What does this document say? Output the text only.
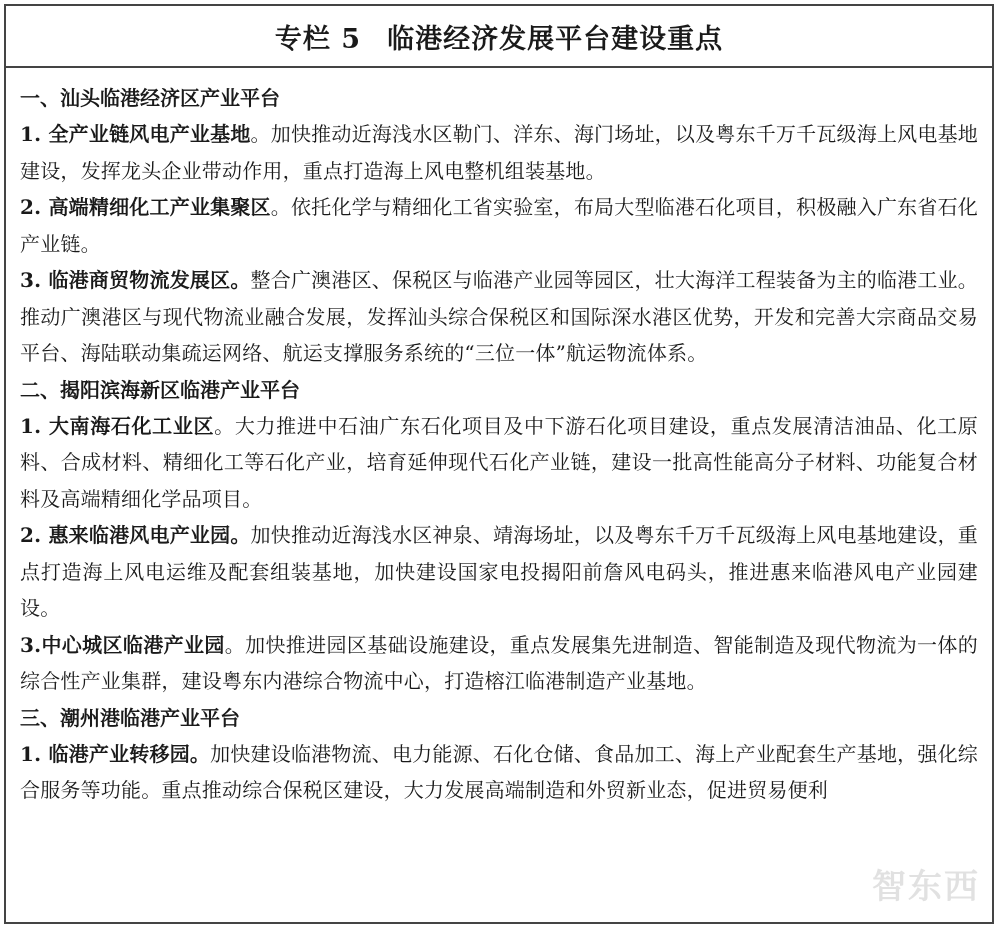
专栏 5 临港经济发展平台建设重点
一、汕头临港经济区产业平台
1. 全产业链风电产业基地。加快推动近海浅水区勒门、洋东、海门场址，以及粤东千万千瓦级海上风电基地建设，发挥龙头企业带动作用，重点打造海上风电整机组装基地。
2. 高端精细化工产业集聚区。依托化学与精细化工省实验室，布局大型临港石化项目，积极融入广东省石化产业链。
3. 临港商贸物流发展区。整合广澳港区、保税区与临港产业园等园区，壮大海洋工程装备为主的临港工业。推动广澳港区与现代物流业融合发展，发挥汕头综合保税区和国际深水港区优势，开发和完善大宗商品交易平台、海陆联动集疏运网络、航运支撑服务系统的“三位一体”航运物流体系。
二、揭阳滨海新区临港产业平台
1. 大南海石化工业区。大力推进中石油广东石化项目及中下游石化项目建设，重点发展清洁油品、化工原料、合成材料、精细化工等石化产业，培育延伸现代石化产业链，建设一批高性能高分子材料、功能复合材料及高端精细化学品项目。
2. 惠来临港风电产业园。加快推动近海浅水区神泉、靖海场址，以及粤东千万千瓦级海上风电基地建设，重点打造海上风电运维及配套组装基地，加快建设国家电投揭阳前詹风电码头，推进惠来临港风电产业园建设。
3.中心城区临港产业园。加快推进园区基础设施建设，重点发展集先进制造、智能制造及现代物流为一体的综合性产业集群，建设粤东内港综合物流中心，打造榕江临港制造产业基地。
三、潮州港临港产业平台
1. 临港产业转移园。加快建设临港物流、电力能源、石化仓储、食品加工、海上产业配套生产基地，强化综合服务等功能。重点推动综合保税区建设，大力发展高端制造和外贸新业态，促进贸易便利
智东西
